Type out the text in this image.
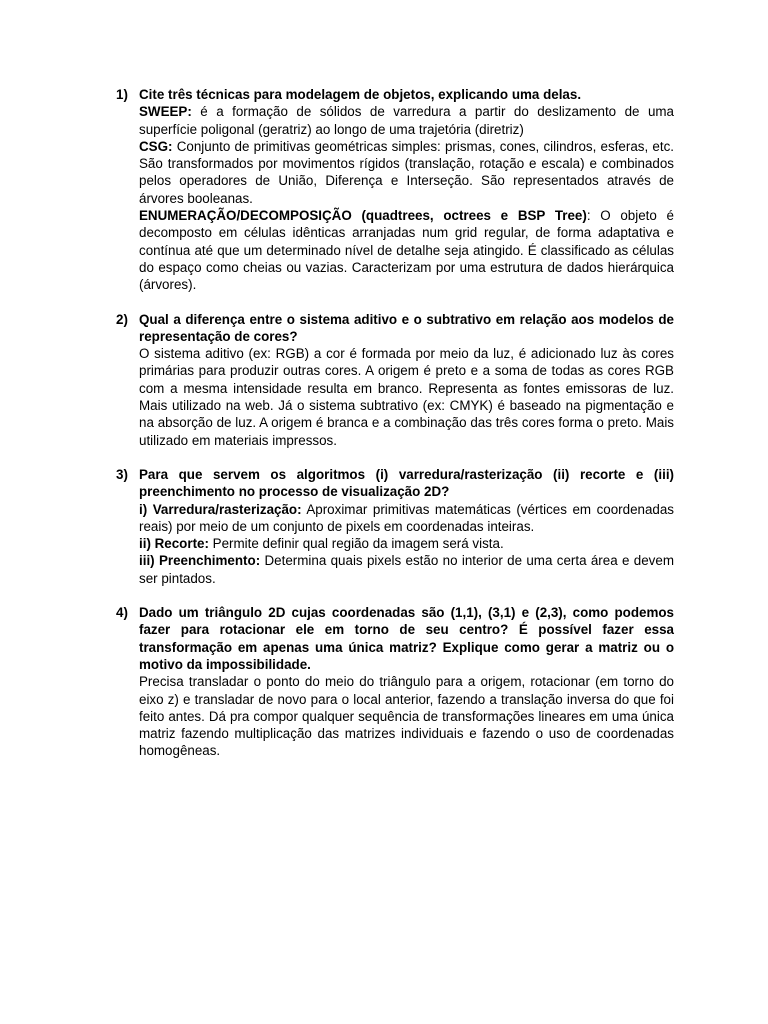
1) Cite três técnicas para modelagem de objetos, explicando uma delas.
SWEEP: é a formação de sólidos de varredura a partir do deslizamento de uma superfície poligonal (geratriz) ao longo de uma trajetória (diretriz)
CSG: Conjunto de primitivas geométricas simples: prismas, cones, cilindros, esferas, etc. São transformados por movimentos rígidos (translação, rotação e escala) e combinados pelos operadores de União, Diferença e Interseção. São representados através de árvores booleanas.
ENUMERAÇÃO/DECOMPOSIÇÃO (quadtrees, octrees e BSP Tree): O objeto é decomposto em células idênticas arranjadas num grid regular, de forma adaptativa e contínua até que um determinado nível de detalhe seja atingido. É classificado as células do espaço como cheias ou vazias. Caracterizam por uma estrutura de dados hierárquica (árvores).
2) Qual a diferença entre o sistema aditivo e o subtrativo em relação aos modelos de representação de cores?
O sistema aditivo (ex: RGB) a cor é formada por meio da luz, é adicionado luz às cores primárias para produzir outras cores. A origem é preto e a soma de todas as cores RGB com a mesma intensidade resulta em branco. Representa as fontes emissoras de luz. Mais utilizado na web. Já o sistema subtrativo (ex: CMYK) é baseado na pigmentação e na absorção de luz. A origem é branca e a combinação das três cores forma o preto. Mais utilizado em materiais impressos.
3) Para que servem os algoritmos (i) varredura/rasterização (ii) recorte e (iii) preenchimento no processo de visualização 2D?
i) Varredura/rasterização: Aproximar primitivas matemáticas (vértices em coordenadas reais) por meio de um conjunto de pixels em coordenadas inteiras.
ii) Recorte: Permite definir qual região da imagem será vista.
iii) Preenchimento: Determina quais pixels estão no interior de uma certa área e devem ser pintados.
4) Dado um triângulo 2D cujas coordenadas são (1,1), (3,1) e (2,3), como podemos fazer para rotacionar ele em torno de seu centro? É possível fazer essa transformação em apenas uma única matriz? Explique como gerar a matriz ou o motivo da impossibilidade.
Precisa transladar o ponto do meio do triângulo para a origem, rotacionar (em torno do eixo z) e transladar de novo para o local anterior, fazendo a translação inversa do que foi feito antes. Dá pra compor qualquer sequência de transformações lineares em uma única matriz fazendo multiplicação das matrizes individuais e fazendo o uso de coordenadas homogêneas.
